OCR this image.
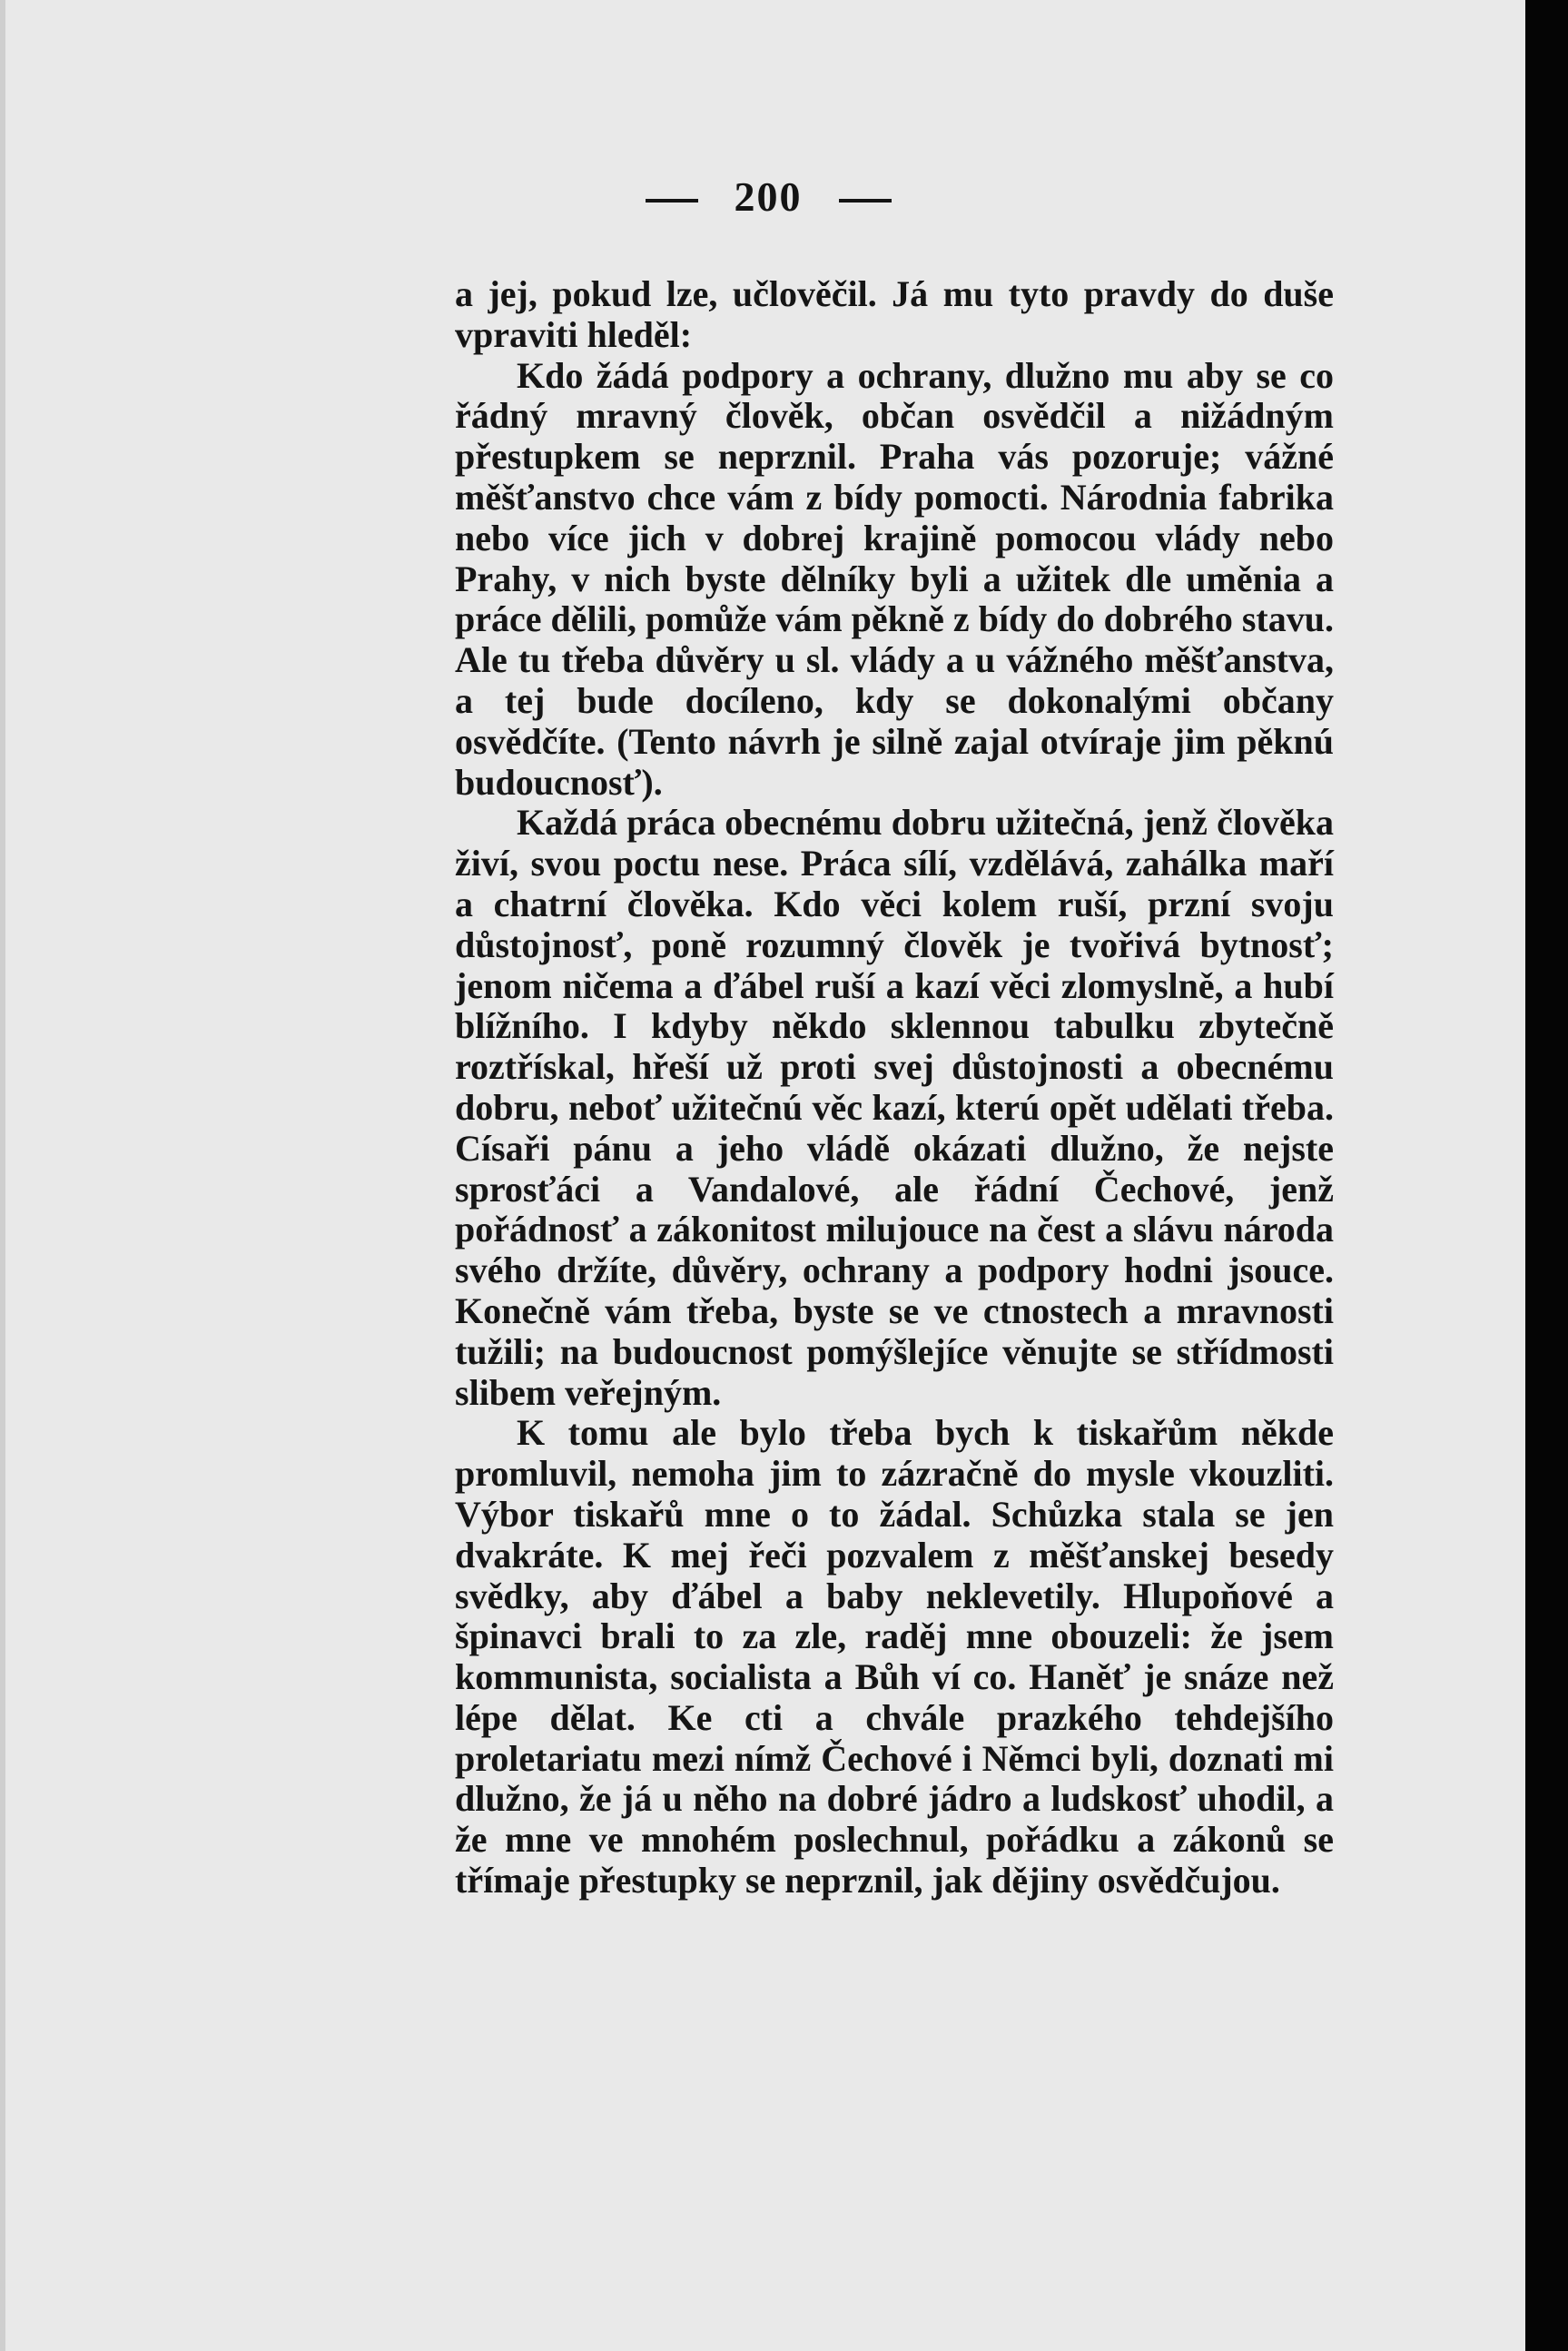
200

a jej, pokud lze, učlověčil. Já mu tyto pravdy do duše vpraviti hleděl:

Kdo žádá podpory a ochrany, dlužno mu aby se co řádný mravný člověk, občan osvědčil a nižádným přestupkem se neprznil. Praha vás pozoruje; vážné měšťanstvo chce vám z bídy pomocti. Národnia fabrika nebo více jich v dobrej krajině pomocou vlády nebo Prahy, v nich byste dělníky byli a užitek dle uměnia a práce dělili, pomůže vám pěkně z bídy do dobrého stavu. Ale tu třeba důvěry u sl. vlády a u vážného měšťanstva, a tej bude docíleno, kdy se dokonalými občany osvědčíte. (Tento návrh je silně zajal otvíraje jim pěknú budoucnosť).

Každá práca obecnému dobru užitečná, jenž člověka živí, svou poctu nese. Práca sílí, vzdělává, zahálka maří a chatrní člověka. Kdo věci kolem ruší, przní svoju důstojnosť, poně rozumný člověk je tvořivá bytnosť; jenom ničema a ďábel ruší a kazí věci zlomyslně, a hubí blížního. I kdyby někdo sklennou tabulku zbytečně roztřískal, hřeší už proti svej důstojnosti a obecnému dobru, neboť užitečnú věc kazí, kterú opět udělati třeba. Císaři pánu a jeho vládě okázati dlužno, že nejste sprosťáci a Vandalové, ale řádní Čechové, jenž pořádnosť a zákonitost milujouce na čest a slávu národa svého držíte, důvěry, ochrany a podpory hodni jsouce. Konečně vám třeba, byste se ve ctnostech a mravnosti tužili; na budoucnost pomýšlejíce věnujte se střídmosti slibem veřejným.

K tomu ale bylo třeba bych k tiskařům někde promluvil, nemoha jim to zázračně do mysle vkouzliti. Výbor tiskařů mne o to žádal. Schůzka stala se jen dvakráte. K mej řeči pozvalem z měšťanskej besedy svědky, aby ďábel a baby neklevetily. Hlupoňové a špinavci brali to za zle, raděj mne obouzeli: že jsem kommunista, socialista a Bůh ví co. Haněť je snáze než lépe dělat. Ke cti a chvále prazkého tehdejšího proletariatu mezi nímž Čechové i Němci byli, doznati mi dlužno, že já u něho na dobré jádro a ludskosť uhodil, a že mne ve mnohém poslechnul, pořádku a zákonů se třímaje přestupky se neprznil, jak dějiny osvědčujou.
